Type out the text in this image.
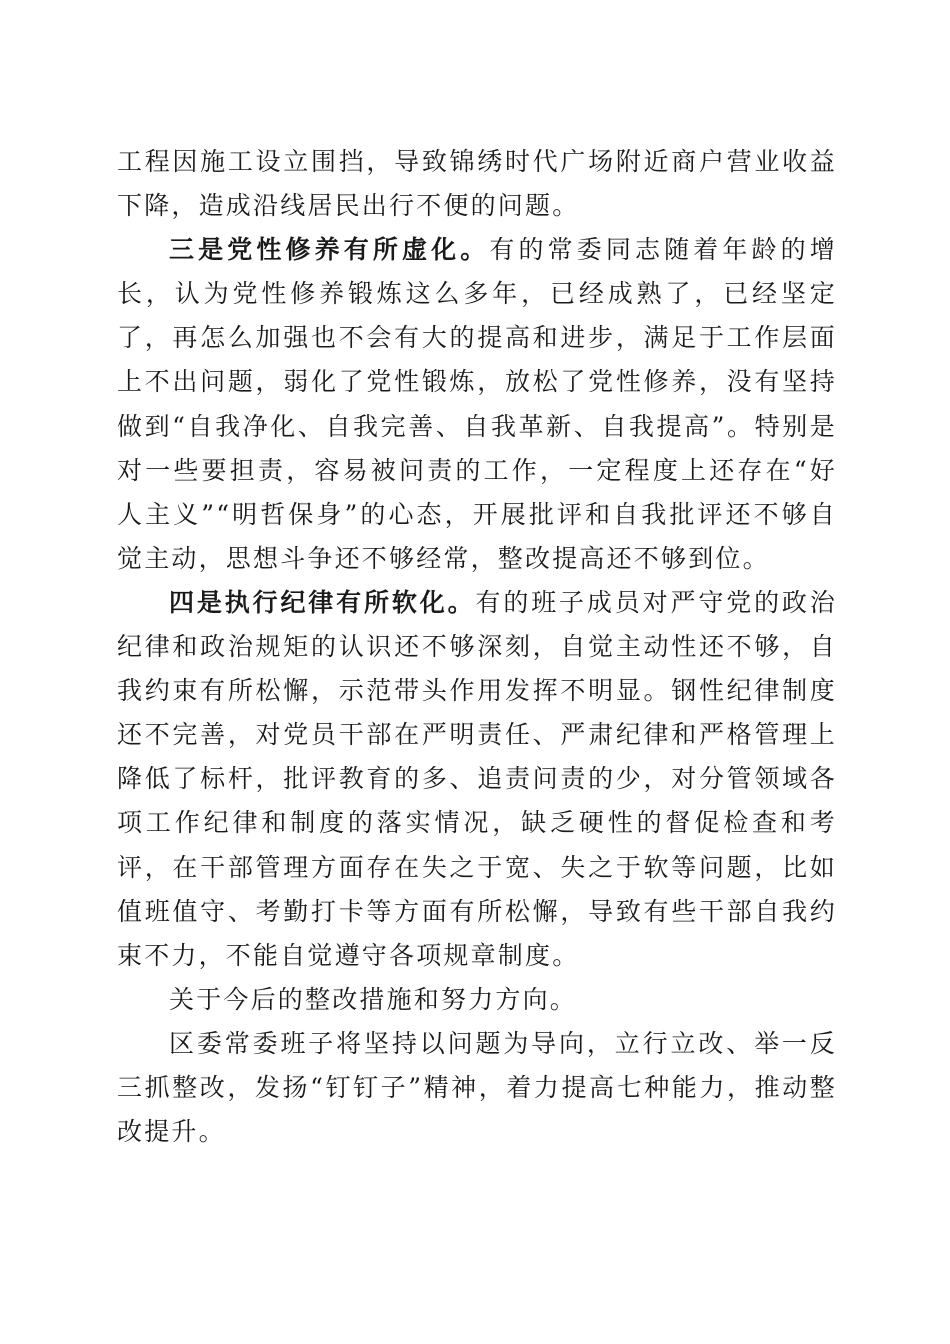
工程因施工设立围挡，导致锦绣时代广场附近商户营业收益下降，造成沿线居民出行不便的问题。

三是党性修养有所虚化。有的常委同志随着年龄的增长，认为党性修养锻炼这么多年，已经成熟了，已经坚定了，再怎么加强也不会有大的提高和进步，满足于工作层面上不出问题，弱化了党性锻炼，放松了党性修养，没有坚持做到“自我净化、自我完善、自我革新、自我提高”。特别是对一些要担责，容易被问责的工作，一定程度上还存在“好人主义”“明哲保身”的心态，开展批评和自我批评还不够自觉主动，思想斗争还不够经常，整改提高还不够到位。

四是执行纪律有所软化。有的班子成员对严守党的政治纪律和政治规矩的认识还不够深刻，自觉主动性还不够，自我约束有所松懈，示范带头作用发挥不明显。钢性纪律制度还不完善，对党员干部在严明责任、严肃纪律和严格管理上降低了标杆，批评教育的多、追责问责的少，对分管领域各项工作纪律和制度的落实情况，缺乏硬性的督促检查和考评，在干部管理方面存在失之于宽、失之于软等问题，比如值班值守、考勤打卡等方面有所松懈，导致有些干部自我约束不力，不能自觉遵守各项规章制度。

关于今后的整改措施和努力方向。

区委常委班子将坚持以问题为导向，立行立改、举一反三抓整改，发扬“钉钉子”精神，着力提高七种能力，推动整改提升。
